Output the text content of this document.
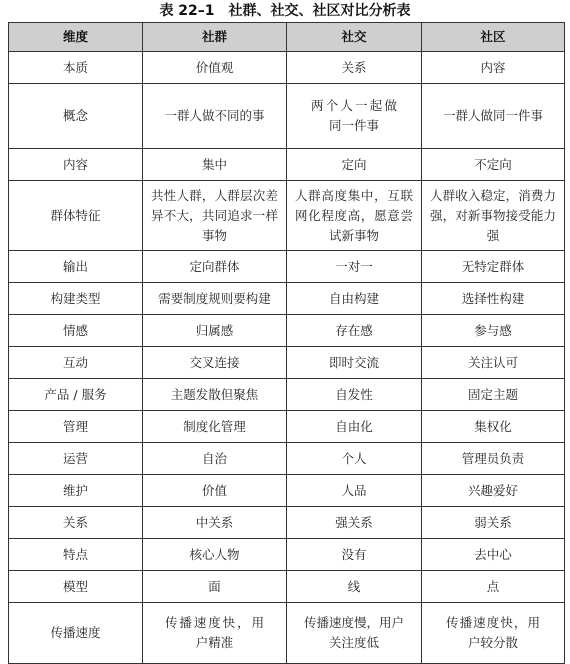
表 22–1　社群、社交、社区对比分析表
维度	社群	社交	社区
本质	价值观	关系	内容
概念	一群人做不同的事	两个人一起做同一件事	一群人做同一件事
内容	集中	定向	不定向
群体特征	共性人群，人群层次差异不大，共同追求一样事物	人群高度集中，互联网化程度高，愿意尝试新事物	人群收入稳定，消费力强，对新事物接受能力强
输出	定向群体	一对一	无特定群体
构建类型	需要制度规则要构建	自由构建	选择性构建
情感	归属感	存在感	参与感
互动	交叉连接	即时交流	关注认可
产品 / 服务	主题发散但聚焦	自发性	固定主题
管理	制度化管理	自由化	集权化
运营	自治	个人	管理员负责
维护	价值	人品	兴趣爱好
关系	中关系	强关系	弱关系
特点	核心人物	没有	去中心
模型	面	线	点
传播速度	传播速度快，用户精准	传播速度慢，用户关注度低	传播速度快，用户较分散
